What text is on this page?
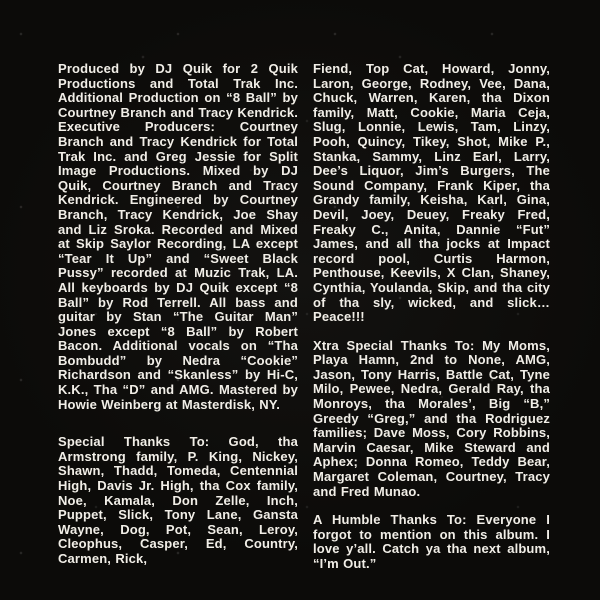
Produced by DJ Quik for 2 Quik Productions and Total Trak Inc. Additional Production on “8 Ball” by Courtney Branch and Tracy Kendrick. Executive Producers: Courtney Branch and Tracy Kendrick for Total Trak Inc. and Greg Jessie for Split Image Productions. Mixed by DJ Quik, Courtney Branch and Tracy Kendrick. Engineered by Courtney Branch, Tracy Kendrick, Joe Shay and Liz Sroka. Recorded and Mixed at Skip Saylor Recording, LA except “Tear It Up” and “Sweet Black Pussy” recorded at Muzic Trak, LA. All keyboards by DJ Quik except “8 Ball” by Rod Terrell. All bass and guitar by Stan “The Guitar Man” Jones except “8 Ball” by Robert Bacon. Additional vocals on “Tha Bombudd” by Nedra “Cookie” Richardson and “Skanless” by Hi-C, K.K., Tha “D” and AMG. Mastered by Howie Weinberg at Masterdisk, NY.

Special Thanks To: God, tha Armstrong family, P. King, Nickey, Shawn, Thadd, Tomeda, Centennial High, Davis Jr. High, tha Cox family, Noe, Kamala, Don Zelle, Inch, Puppet, Slick, Tony Lane, Gansta Wayne, Dog, Pot, Sean, Leroy, Cleophus, Casper, Ed, Country, Carmen, Rick,

Fiend, Top Cat, Howard, Jonny, Laron, George, Rodney, Vee, Dana, Chuck, Warren, Karen, tha Dixon family, Matt, Cookie, Maria Ceja, Slug, Lonnie, Lewis, Tam, Linzy, Pooh, Quincy, Tikey, Shot, Mike P., Stanka, Sammy, Linz Earl, Larry, Dee’s Liquor, Jim’s Burgers, The Sound Company, Frank Kiper, tha Grandy family, Keisha, Karl, Gina, Devil, Joey, Deuey, Freaky Fred, Freaky C., Anita, Dannie “Fut” James, and all tha jocks at Impact record pool, Curtis Harmon, Penthouse, Keevils, X Clan, Shaney, Cynthia, Youlanda, Skip, and tha city of tha sly, wicked, and slick…Peace!!!

Xtra Special Thanks To: My Moms, Playa Hamn, 2nd to None, AMG, Jason, Tony Harris, Battle Cat, Tyne Milo, Pewee, Nedra, Gerald Ray, tha Monroys, tha Morales’, Big “B,” Greedy “Greg,” and tha Rodriguez families; Dave Moss, Cory Robbins, Marvin Caesar, Mike Steward and Aphex; Donna Romeo, Teddy Bear, Margaret Coleman, Courtney, Tracy and Fred Munao.

A Humble Thanks To: Everyone I forgot to mention on this album. I love y’all. Catch ya tha next album, “I’m Out.”
